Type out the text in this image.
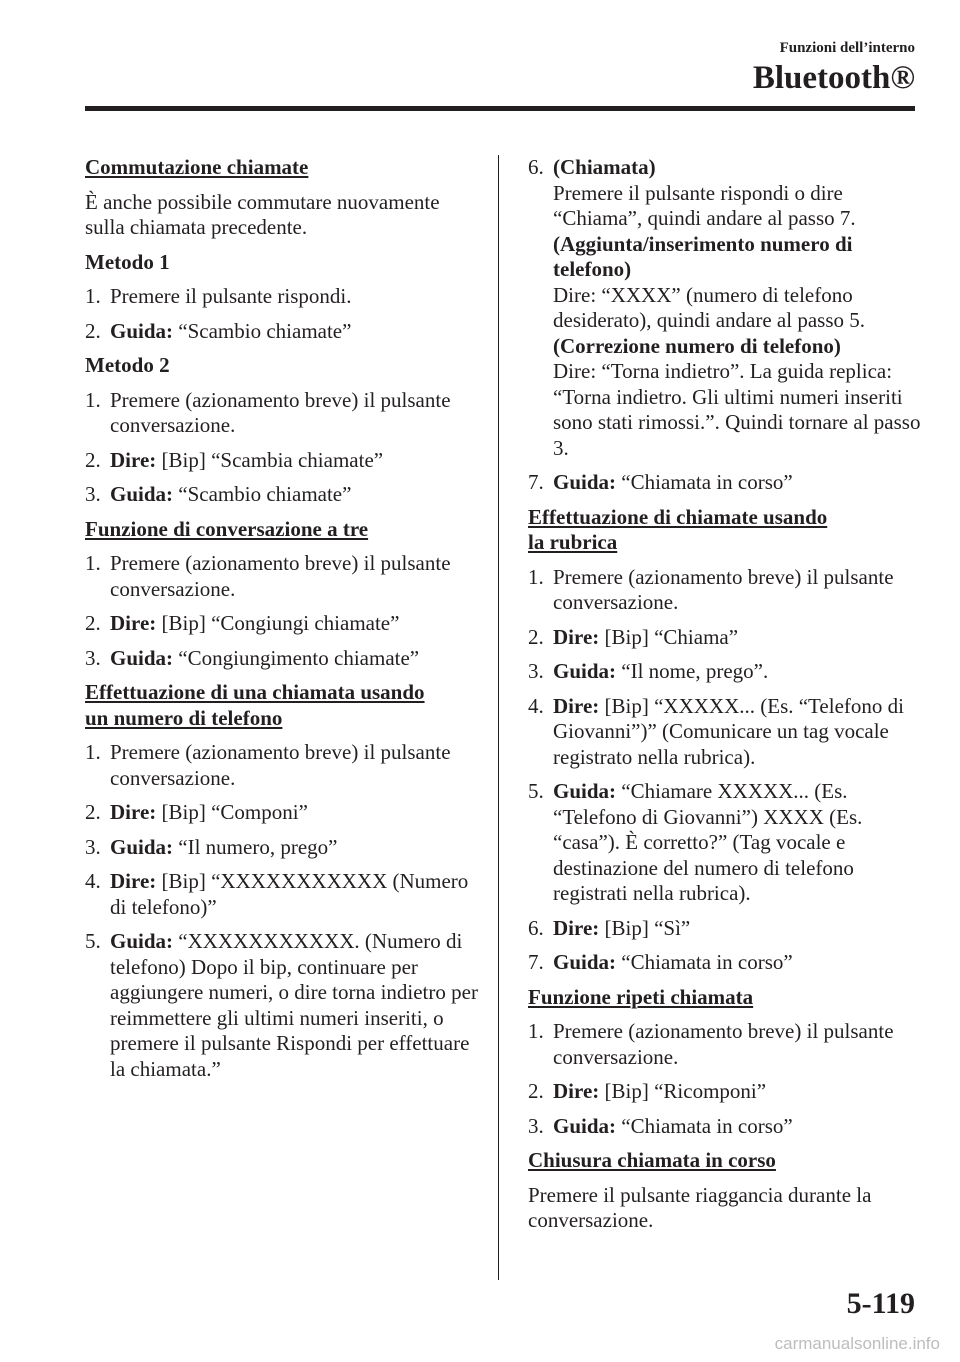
Funzioni dell’interno
Bluetooth®
Commutazione chiamate
È anche possibile commutare nuovamente sulla chiamata precedente.
Metodo 1
1. Premere il pulsante rispondi.
2. Guida: “Scambio chiamate”
Metodo 2
1. Premere (azionamento breve) il pulsante conversazione.
2. Dire: [Bip] “Scambia chiamate”
3. Guida: “Scambio chiamate”
Funzione di conversazione a tre
1. Premere (azionamento breve) il pulsante conversazione.
2. Dire: [Bip] “Congiungi chiamate”
3. Guida: “Congiungimento chiamate”
Effettuazione di una chiamata usando
un numero di telefono
1. Premere (azionamento breve) il pulsante conversazione.
2. Dire: [Bip] “Componi”
3. Guida: “Il numero, prego”
4. Dire: [Bip] “XXXXXXXXXXX (Numero di telefono)”
5. Guida: “XXXXXXXXXXX. (Numero di telefono) Dopo il bip, continuare per aggiungere numeri, o dire torna indietro per reimmettere gli ultimi numeri inseriti, o premere il pulsante Rispondi per effettuare la chiamata.”
6. (Chiamata)
Premere il pulsante rispondi o dire “Chiama”, quindi andare al passo 7.
(Aggiunta/inserimento numero di telefono)
Dire: “XXXX” (numero di telefono desiderato), quindi andare al passo 5.
(Correzione numero di telefono)
Dire: “Torna indietro”. La guida replica: “Torna indietro. Gli ultimi numeri inseriti sono stati rimossi.”. Quindi tornare al passo 3.
7. Guida: “Chiamata in corso”
Effettuazione di chiamate usando
la rubrica
1. Premere (azionamento breve) il pulsante conversazione.
2. Dire: [Bip] “Chiama”
3. Guida: “Il nome, prego”.
4. Dire: [Bip] “XXXXX... (Es. “Telefono di Giovanni”)” (Comunicare un tag vocale registrato nella rubrica).
5. Guida: “Chiamare XXXXX... (Es. “Telefono di Giovanni”) XXXX (Es. “casa”). È corretto?” (Tag vocale e destinazione del numero di telefono registrati nella rubrica).
6. Dire: [Bip] “Sì”
7. Guida: “Chiamata in corso”
Funzione ripeti chiamata
1. Premere (azionamento breve) il pulsante conversazione.
2. Dire: [Bip] “Ricomponi”
3. Guida: “Chiamata in corso”
Chiusura chiamata in corso
Premere il pulsante riaggancia durante la conversazione.
5-119
carmanualsonline.info
